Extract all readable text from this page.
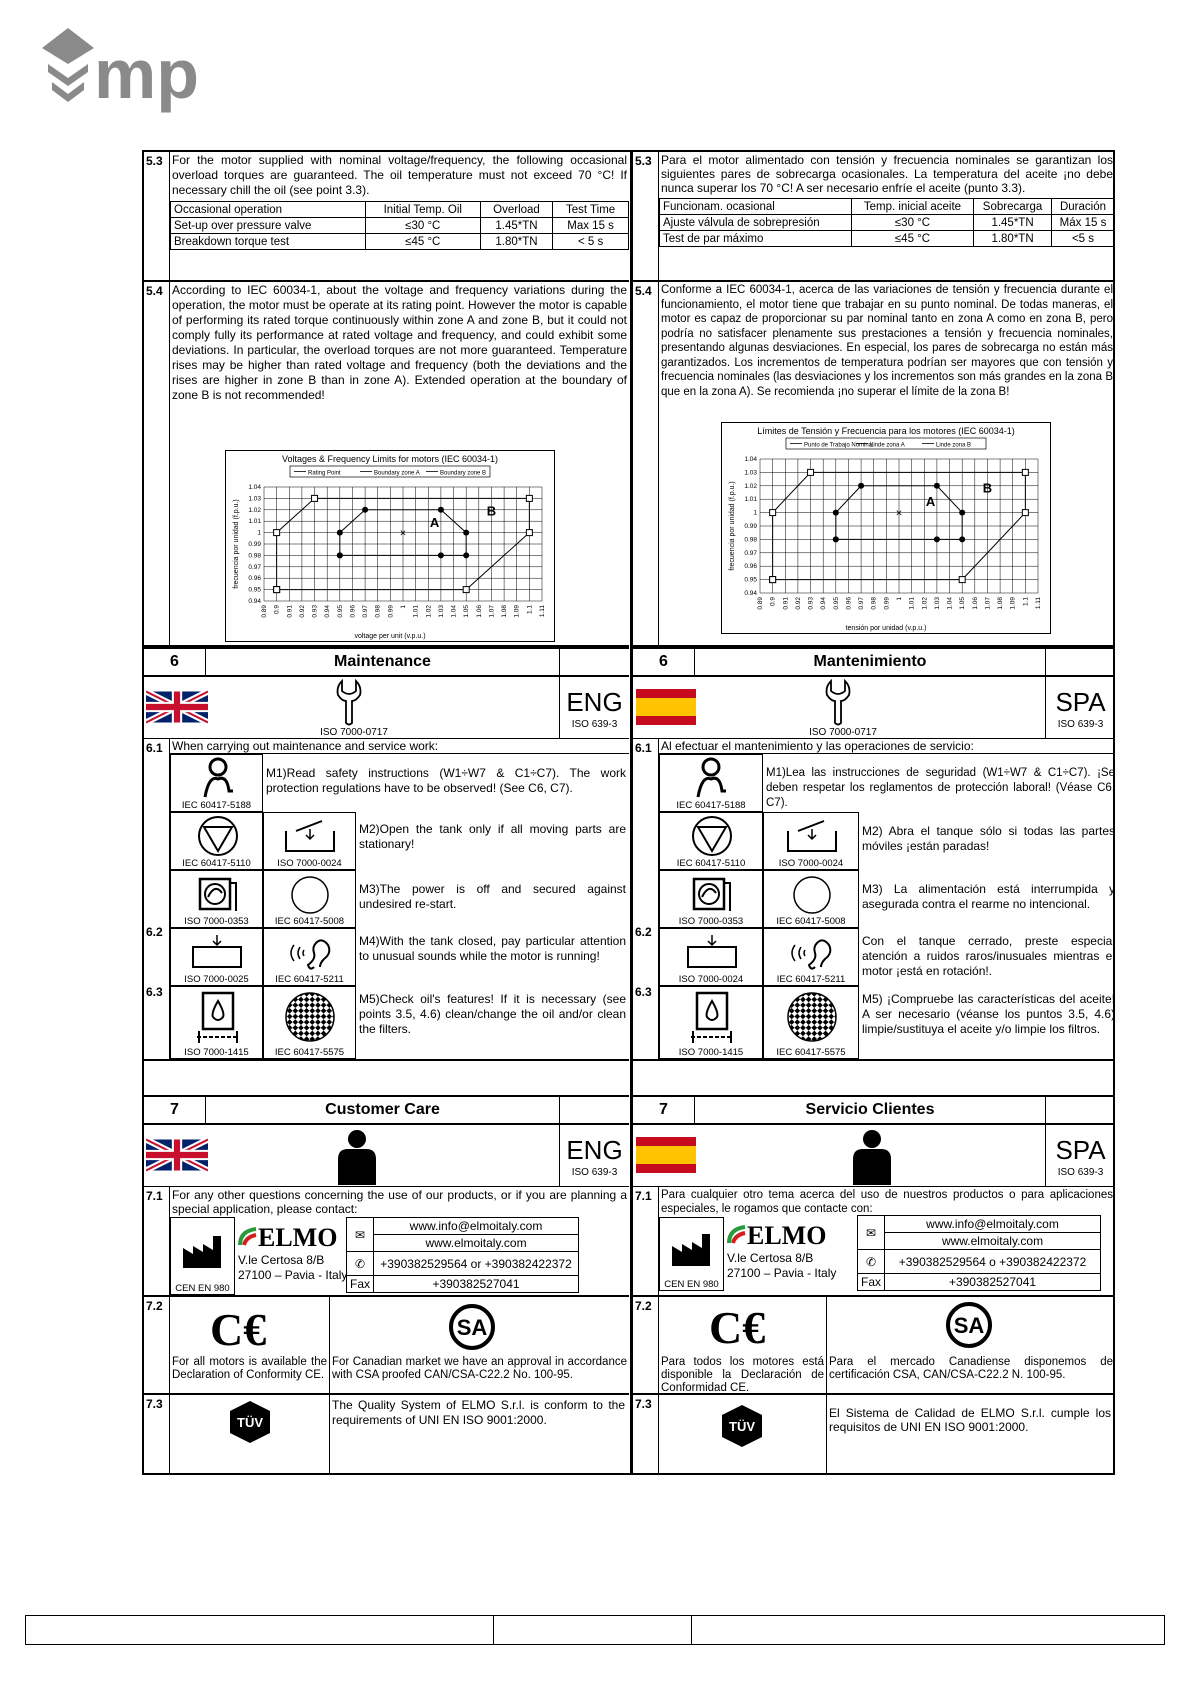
mp
5.3 For the motor supplied with nominal voltage/frequency, the following occasional overload torques are guaranteed. The oil temperature must not exceed 70 °C! If necessary chill the oil (see point 3.3).
Occasional operation	Initial Temp. Oil	Overload	Test Time
Set-up over pressure valve	≤30 °C	1.45*TN	Max 15 s
Breakdown torque test	≤45 °C	1.80*TN	< 5 s
5.4 According to IEC 60034-1, about the voltage and frequency variations during the operation, the motor must be operate at its rating point. However the motor is capable of performing its rated torque continuously within zone A and zone B, but it could not comply fully its performance at rated voltage and frequency, and could exhibit some deviations. In particular, the overload torques are not more guaranteed. Temperature rises may be higher than rated voltage and frequency (both the deviations and the rises are higher in zone B than in zone A). Extended operation at the boundary of zone B is not recommended!
Voltages & Frequency Limits for motors (IEC 60034-1)
Rating Point	Boundary zone A	Boundary zone B
0.89 0.9 0.91 0.92 0.93 0.94 0.95 0.96 0.97 0.98 0.99 1 1.01 1.02 1.03 1.04 1.05 1.06 1.07 1.08 1.09 1.1 1.11
1.04
1.03
1.02
1.01
1
0.99
0.98
0.97
0.96
0.95
0.94
voltage per unit (v.p.u.)
frecuencia por unidad (f.p.u.)	×
A
B
6	Maintenance
ISO 7000-0717
ENG
ISO 639-3
6.1
6.2
6.3
When carrying out maintenance and service work:
IEC 60417-5188
M1)Read safety instructions (W1÷W7 & C1÷C7). The work protection regulations have to be observed! (See C6, C7).
IEC 60417-5110	ISO 7000-0024
M2)Open the tank only if all moving parts are stationary!
ISO 7000-0353	IEC 60417-5008
M3)The power is off and secured against undesired re-start.
ISO 7000-0025	IEC 60417-5211
M4)With the tank closed, pay particular attention to unusual sounds while the motor is running!
ISO 7000-1415	IEC 60417-5575
M5)Check oil's features! If it is necessary (see points 3.5, 4.6) clean/change the oil and/or clean the filters.
7	Customer Care
ENG
ISO 639-3
7.1 For any other questions concerning the use of our products, or if you are planning a special application, please contact:
CEN EN 980
ELMO
V.le Certosa 8/B
27100 – Pavia - Italy
✉	www.info@elmoitaly.com
	www.elmoitaly.com
✆	+390382529564 or +390382422372
Fax	+390382527041
7.2 C€
For all motors is available the Declaration of Conformity CE.
SA
For Canadian market we have an approval in accordance with CSA proofed CAN/CSA-C22.2 No. 100-95.
7.3
TÜV
The Quality System of ELMO S.r.l. is conform to the requirements of UNI EN ISO 9001:2000.
5.3 Para el motor alimentado con tensión y frecuencia nominales se garantizan los siguientes pares de sobrecarga ocasionales. La temperatura del aceite ¡no debe nunca superar los 70 °C! A ser necesario enfríe el aceite (punto 3.3).
Funcionam. ocasional	Temp. inicial aceite	Sobrecarga	Duración
Ajuste válvula de sobrepresión	≤30 °C	1.45*TN	Máx 15 s
Test de par máximo	≤45 °C	1.80*TN	<5 s
5.4 Conforme a IEC 60034-1, acerca de las variaciones de tensión y frecuencia durante el funcionamiento, el motor tiene que trabajar en su punto nominal. De todas maneras, el motor es capaz de proporcionar su par nominal tanto en zona A como en zona B, pero podría no satisfacer plenamente sus prestaciones a tensión y frecuencia nominales, presentando algunas desviaciones. En especial, los pares de sobrecarga no están más garantizados. Los incrementos de temperatura podrían ser mayores que con tensión y frecuencia nominales (las desviaciones y los incrementos son más grandes en la zona B que en la zona A). Se recomienda ¡no superar el límite de la zona B!
Límites de Tensión y Frecuencia para los motores (IEC 60034-1)
Punto de Trabajo Nominal
Linde zona A	Linde zona B
0.89 0.9 0.91 0.92 0.93 0.94 0.95 0.96 0.97 0.98 0.99 1 1.01 1.02 1.03 1.04 1.05 1.06 1.07 1.08 1.09 1.1 1.11
1.04
1.03
1.02
1.01
1
0.99
0.98
0.97
0.96
0.95
0.94
tensión por unidad (v.p.u.)
frecuencia por unidad (f.p.u.)	×
A
B
6	Mantenimiento
ISO 7000-0717
SPA
ISO 639-3
6.1
6.2
6.3
Al efectuar el mantenimiento y las operaciones de servicio:
IEC 60417-5188
M1)Lea las instrucciones de seguridad (W1÷W7 & C1÷C7). ¡Se deben respetar los reglamentos de protección laboral! (Véase C6, C7).
IEC 60417-5110	ISO 7000-0024
M2) Abra el tanque sólo si todas las partes móviles ¡están paradas!
ISO 7000-0353	IEC 60417-5008
M3) La alimentación está interrumpida y asegurada contra el rearme no intencional.
ISO 7000-0024	IEC 60417-5211
Con el tanque cerrado, preste especial atención a ruidos raros/inusuales mientras el motor ¡está en rotación!.
ISO 7000-1415	IEC 60417-5575
M5) ¡Compruebe las características del aceite! A ser necesario (véanse los puntos 3.5, 4.6) limpie/sustituya el aceite y/o limpie los filtros.
7	Servicio Clientes
SPA
ISO 639-3
7.1 Para cualquier otro tema acerca del uso de nuestros productos o para aplicaciones especiales, le rogamos que contacte con:
CEN EN 980
ELMO
V.le Certosa 8/B
27100 – Pavia - Italy
✉	www.info@elmoitaly.com
	www.elmoitaly.com
✆	+390382529564 o +390382422372
Fax	+390382527041
7.2 C€
Para todos los motores está disponible la Declaración de Conformidad CE.
SA
Para el mercado Canadiense disponemos de certificación CSA, CAN/CSA-C22.2 N. 100-95.
7.3
TÜV
El Sistema de Calidad de ELMO S.r.l. cumple los requisitos de UNI EN ISO 9001:2000.
